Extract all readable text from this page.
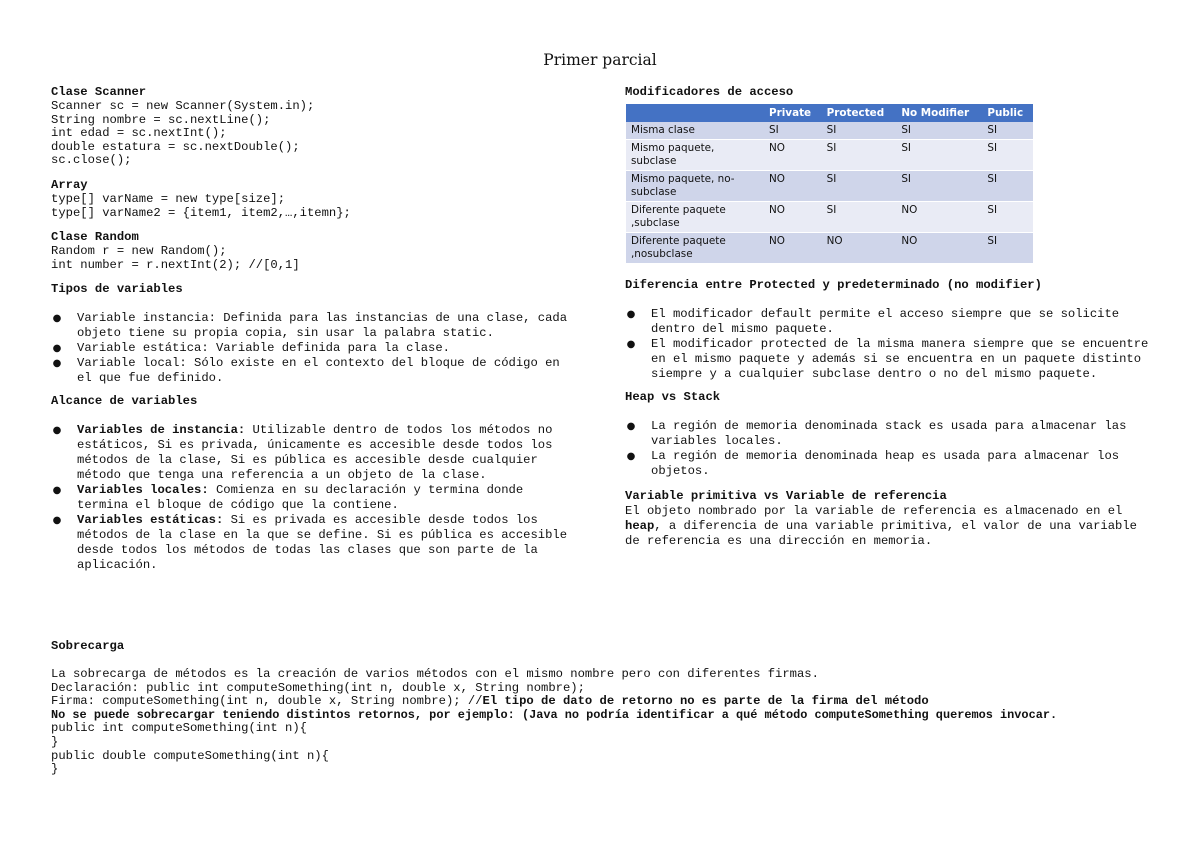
Primer parcial
Clase Scanner
Scanner sc = new Scanner(System.in);
String nombre = sc.nextLine();
int edad = sc.nextInt();
double estatura = sc.nextDouble();
sc.close();
Array
type[] varName = new type[size];
type[] varName2 = {item1, item2,…,itemn};
Clase Random
Random r = new Random();
int number = r.nextInt(2); //[0,1]
Tipos de variables
● Variable instancia: Definida para las instancias de una clase, cada objeto tiene su propia copia, sin usar la palabra static.
● Variable estática: Variable definida para la clase.
● Variable local: Sólo existe en el contexto del bloque de código en el que fue definido.
Alcance de variables
● Variables de instancia: Utilizable dentro de todos los métodos no estáticos, Si es privada, únicamente es accesible desde todos los métodos de la clase, Si es pública es accesible desde cualquier método que tenga una referencia a un objeto de la clase.
● Variables locales: Comienza en su declaración y termina donde termina el bloque de código que la contiene.
● Variables estáticas: Si es privada es accesible desde todos los métodos de la clase en la que se define. Si es pública es accesible desde todos los métodos de todas las clases que son parte de la aplicación.
Modificadores de acceso
	Private	Protected	No Modifier	Public
Misma clase	SI	SI	SI	SI
Mismo paquete, subclase	NO	SI	SI	SI
Mismo paquete, no-subclase	NO	SI	SI	SI
Diferente paquete ,subclase	NO	SI	NO	SI
Diferente paquete ,nosubclase	NO	NO	NO	SI
Diferencia entre Protected y predeterminado (no modifier)
● El modificador default permite el acceso siempre que se solicite dentro del mismo paquete.
● El modificador protected de la misma manera siempre que se encuentre en el mismo paquete y además si se encuentra en un paquete distinto siempre y a cualquier subclase dentro o no del mismo paquete.
Heap vs Stack
● La región de memoria denominada stack es usada para almacenar las variables locales.
● La región de memoria denominada heap es usada para almacenar los objetos.
Variable primitiva vs Variable de referencia
El objeto nombrado por la variable de referencia es almacenado en el heap, a diferencia de una variable primitiva, el valor de una variable de referencia es una dirección en memoria.
Sobrecarga
La sobrecarga de métodos es la creación de varios métodos con el mismo nombre pero con diferentes firmas.
Declaración: public int computeSomething(int n, double x, String nombre);
Firma: computeSomething(int n, double x, String nombre); //El tipo de dato de retorno no es parte de la firma del método
No se puede sobrecargar teniendo distintos retornos, por ejemplo: (Java no podría identificar a qué método computeSomething queremos invocar.
public int computeSomething(int n){
}
public double computeSomething(int n){
}
